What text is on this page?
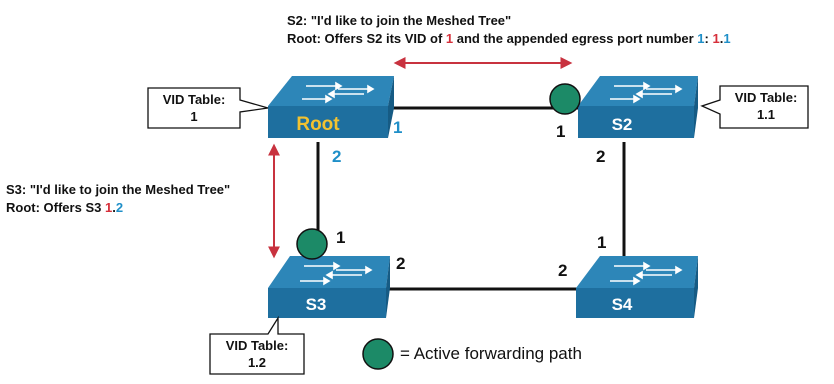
Root	S2
S3	S4
1
2
1
2
1
2	2
1
VID Table:
1
VID Table:
1.1
VID Table:
1.2
S2: "I'd like to join the Meshed Tree"
Root: Offers S2 its VID of 1 and the appended egress port number 1: 1.1
S3: "I'd like to join the Meshed Tree"
Root: Offers S3 1.2
= Active forwarding path
